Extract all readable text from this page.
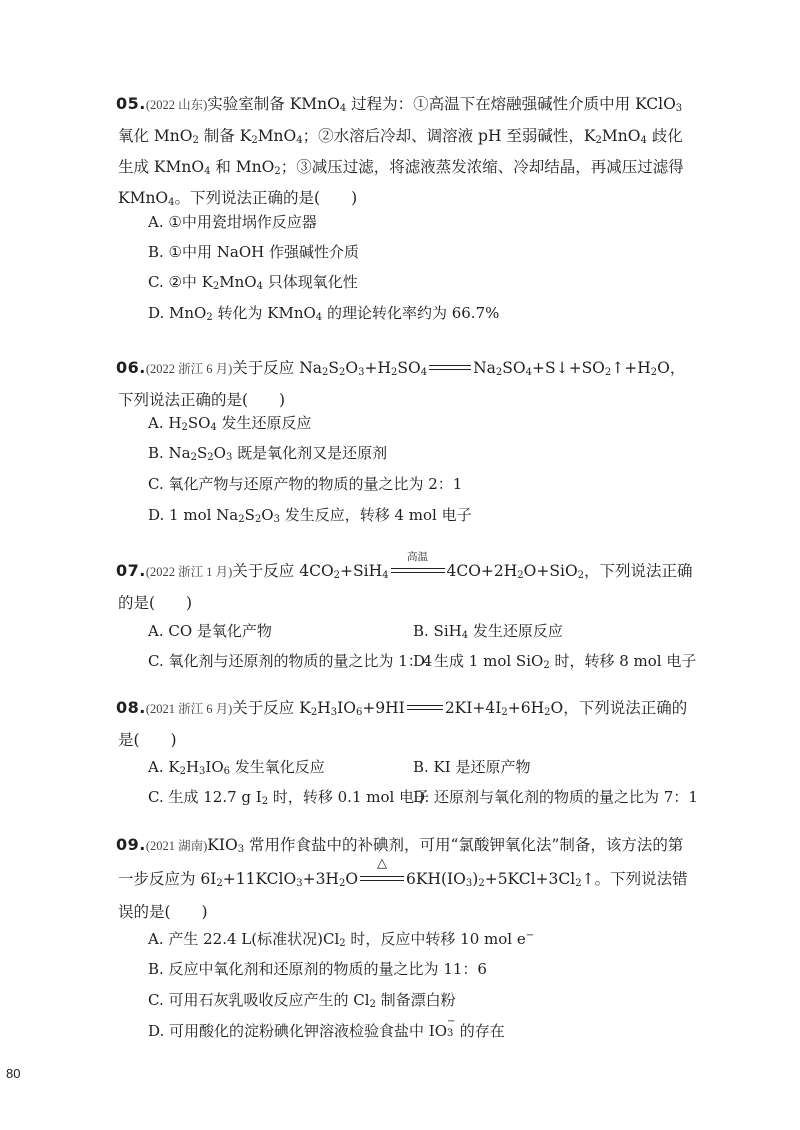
05.(2022 山东)实验室制备 KMnO$_4$ 过程为：①高温下在熔融强碱性介质中用 KClO$_3$ 氧化 MnO$_2$ 制备 $K_2MnO_4$；②水溶后冷却、调溶液 pH 至弱碱性，$K_2MnO_4$ 歧化生成 KMnO$_4$ 和 MnO$_2$；③减压过滤，将滤液蒸发浓缩、冷却结晶，再减压过滤得 KMnO$_4$。下列说法正确的是(　　)

A. ①中用瓷坩埚作反应器
B. ①中用 NaOH 作强碱性介质
C. ②中 $K_2MnO_4$ 只体现氧化性
D. MnO$_2$ 转化为 KMnO$_4$ 的理论转化率约为 66.7%

06.(2022 浙江 6 月)关于反应 $Na_2S_2O_3+H_2SO_4$	$Na_2SO_4+S↓+SO_2↑+H_2O$，下列说法正确的是(　　)

A. $H_2SO_4$ 发生还原反应
B. $Na_2S_2O_3$ 既是氧化剂又是还原剂
C. 氧化产物与还原产物的物质的量之比为 2：1
D. 1 mol $Na_2S_2O_3$ 发生反应，转移 4 mol 电子

07.(2022 浙江 1 月)关于反应 $4CO_2+SiH_4$
高温
$4CO+2H_2O+SiO_2$，下列说法正确的是(　　)

A. CO 是氧化产物	B. SiH$_4$ 发生还原反应
C. 氧化剂与还原剂的物质的量之比为 1：4
D. 生成 1 mol SiO$_2$ 时，转移 8 mol 电子

08.(2021 浙江 6 月)关于反应 $K_2H_3IO_6+9HI$	$2KI+4I_2+6H_2O$，下列说法正确的是(　　)

A. $K_2H_3IO_6$ 发生氧化反应	B. KI 是还原产物
C. 生成 12.7 g $I_2$ 时，转移 0.1 mol 电子
D. 还原剂与氧化剂的物质的量之比为 7：1

09.(2021 湖南)$KIO_3$ 常用作食盐中的补碘剂，可用“氯酸钾氧化法”制备，该方法的第一步反应为 $6I_2+11KClO_3+3H_2O$
△
$6KH(IO_3)_2+5KCl+3Cl_2↑$。下列说法错误的是(　　)

A. 产生 22.4 L(标准状况)$Cl_2$ 时，反应中转移 10 mol e−
B. 反应中氧化剂和还原剂的物质的量之比为 11：6
C. 可用石灰乳吸收反应产生的 $Cl_2$ 制备漂白粉
D. 可用酸化的淀粉碘化钾溶液检验食盐中 IO
−
3 的存在
80
